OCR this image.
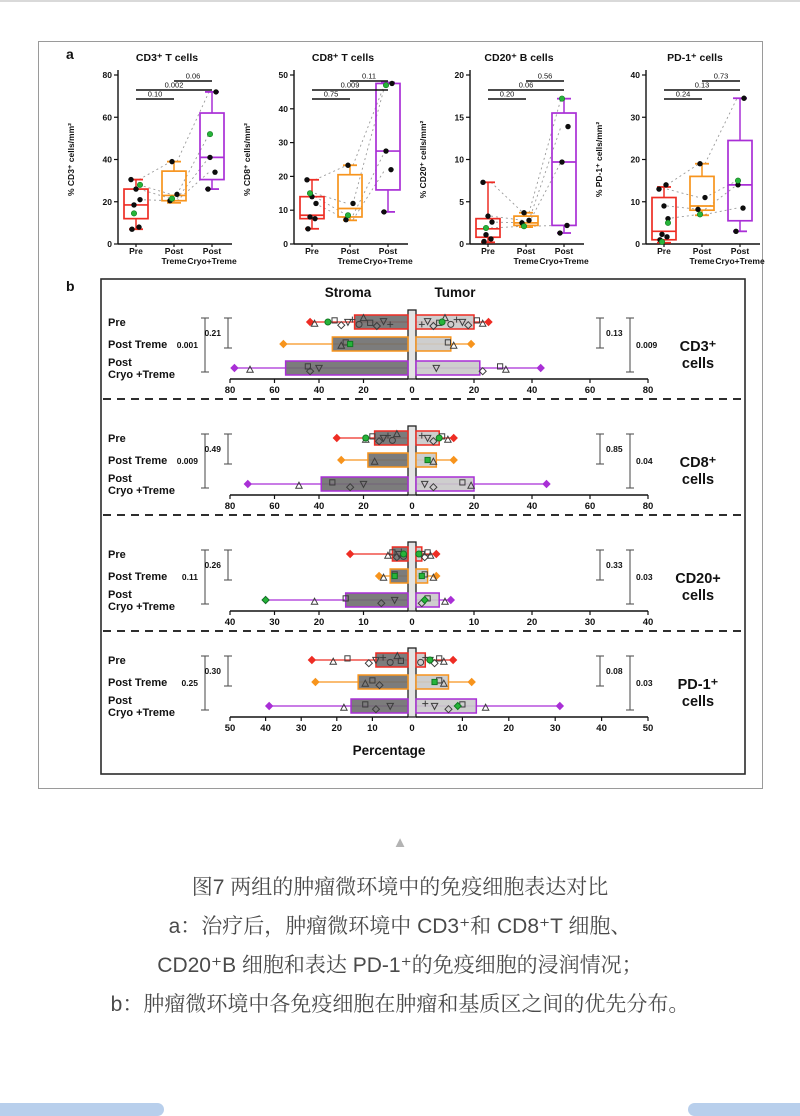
a	CD3⁺ T cells
% CD3⁺ cells/mm²
0
20
40
60
80
Pre	Post
Treme
Post
Cryo+Treme
0.10
0.002
0.06
CD8⁺ T cells
% CD8⁺ cells/mm²
0
10
20
30
40
50
Pre	Post
Treme
Post
Cryo+Treme
0.75
0.009
0.11
CD20⁺ B cells
% CD20⁺ cells/mm²
0
5
10
15
20
Pre	Post
Treme
Post
Cryo+Treme
0.20
0.06
0.56
PD-1⁺ cells
% PD-1⁺ cells/mm²
0
10
20
30
40
Pre	Post
Treme
Post
Cryo+Treme
0.24
0.13
0.73
b	Stroma	Tumor
20	20
40	40
60	60
80	80
0
Pre
Post Treme
Post
Cryo +Treme
0.001
0.21	0.13
0.009 CD3⁺
cells
20	20
40	40
60	60
80	80
0
Pre
Post Treme
Post
Cryo +Treme
0.009
0.49	0.85
0.04 CD8⁺
cells
10	10
20	20
30	30
40	40
0
Pre
Post Treme
Post
Cryo +Treme
0.11
0.26	0.33
0.03 CD20+
cells
10	10
20	20
30	30
40	40
50	50
0
Pre
Post Treme
Post
Cryo +Treme
0.25
0.30	0.08
0.03 PD-1⁺
cells
Percentage
▲
图7 两组的肿瘤微环境中的免疫细胞表达对比
a：治疗后，肿瘤微环境中 CD3⁺和 CD8⁺T 细胞、
CD20⁺B 细胞和表达 PD-1⁺的免疫细胞的浸润情况；
b：肿瘤微环境中各免疫细胞在肿瘤和基质区之间的优先分布。
